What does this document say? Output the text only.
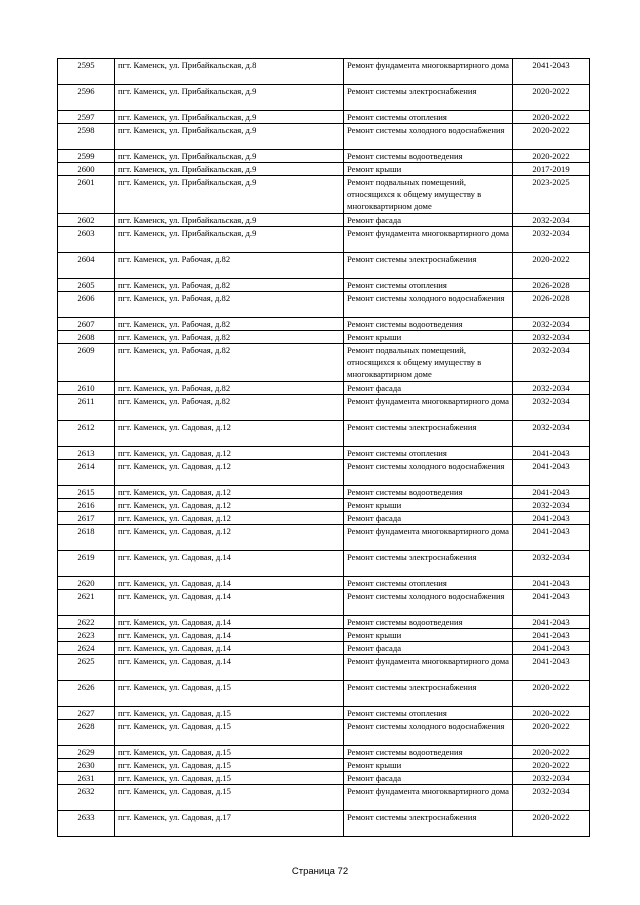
2595	пгт. Каменск, ул. Прибайкальская, д.8	Ремонт фундамента многоквартирного дома	2041-2043
2596	пгт. Каменск, ул. Прибайкальская, д.9	Ремонт системы электроснабжения	2020-2022
2597	пгт. Каменск, ул. Прибайкальская, д.9	Ремонт системы отопления	2020-2022
2598	пгт. Каменск, ул. Прибайкальская, д.9	Ремонт системы холодного водоснабжения	2020-2022
2599	пгт. Каменск, ул. Прибайкальская, д.9	Ремонт системы водоотведения	2020-2022
2600	пгт. Каменск, ул. Прибайкальская, д.9	Ремонт крыши	2017-2019
2601	пгт. Каменск, ул. Прибайкальская, д.9	Ремонт подвальных помещений, относящихся к общему имуществу в многоквартирном доме	2023-2025
2602	пгт. Каменск, ул. Прибайкальская, д.9	Ремонт фасада	2032-2034
2603	пгт. Каменск, ул. Прибайкальская, д.9	Ремонт фундамента многоквартирного дома	2032-2034
2604	пгт. Каменск, ул. Рабочая, д.82	Ремонт системы электроснабжения	2020-2022
2605	пгт. Каменск, ул. Рабочая, д.82	Ремонт системы отопления	2026-2028
2606	пгт. Каменск, ул. Рабочая, д.82	Ремонт системы холодного водоснабжения	2026-2028
2607	пгт. Каменск, ул. Рабочая, д.82	Ремонт системы водоотведения	2032-2034
2608	пгт. Каменск, ул. Рабочая, д.82	Ремонт крыши	2032-2034
2609	пгт. Каменск, ул. Рабочая, д.82	Ремонт подвальных помещений, относящихся к общему имуществу в многоквартирном доме	2032-2034
2610	пгт. Каменск, ул. Рабочая, д.82	Ремонт фасада	2032-2034
2611	пгт. Каменск, ул. Рабочая, д.82	Ремонт фундамента многоквартирного дома	2032-2034
2612	пгт. Каменск, ул. Садовая, д.12	Ремонт системы электроснабжения	2032-2034
2613	пгт. Каменск, ул. Садовая, д.12	Ремонт системы отопления	2041-2043
2614	пгт. Каменск, ул. Садовая, д.12	Ремонт системы холодного водоснабжения	2041-2043
2615	пгт. Каменск, ул. Садовая, д.12	Ремонт системы водоотведения	2041-2043
2616	пгт. Каменск, ул. Садовая, д.12	Ремонт крыши	2032-2034
2617	пгт. Каменск, ул. Садовая, д.12	Ремонт фасада	2041-2043
2618	пгт. Каменск, ул. Садовая, д.12	Ремонт фундамента многоквартирного дома	2041-2043
2619	пгт. Каменск, ул. Садовая, д.14	Ремонт системы электроснабжения	2032-2034
2620	пгт. Каменск, ул. Садовая, д.14	Ремонт системы отопления	2041-2043
2621	пгт. Каменск, ул. Садовая, д.14	Ремонт системы холодного водоснабжения	2041-2043
2622	пгт. Каменск, ул. Садовая, д.14	Ремонт системы водоотведения	2041-2043
2623	пгт. Каменск, ул. Садовая, д.14	Ремонт крыши	2041-2043
2624	пгт. Каменск, ул. Садовая, д.14	Ремонт фасада	2041-2043
2625	пгт. Каменск, ул. Садовая, д.14	Ремонт фундамента многоквартирного дома	2041-2043
2626	пгт. Каменск, ул. Садовая, д.15	Ремонт системы электроснабжения	2020-2022
2627	пгт. Каменск, ул. Садовая, д.15	Ремонт системы отопления	2020-2022
2628	пгт. Каменск, ул. Садовая, д.15	Ремонт системы холодного водоснабжения	2020-2022
2629	пгт. Каменск, ул. Садовая, д.15	Ремонт системы водоотведения	2020-2022
2630	пгт. Каменск, ул. Садовая, д.15	Ремонт крыши	2020-2022
2631	пгт. Каменск, ул. Садовая, д.15	Ремонт фасада	2032-2034
2632	пгт. Каменск, ул. Садовая, д.15	Ремонт фундамента многоквартирного дома	2032-2034
2633	пгт. Каменск, ул. Садовая, д.17	Ремонт системы электроснабжения	2020-2022
Страница 72
